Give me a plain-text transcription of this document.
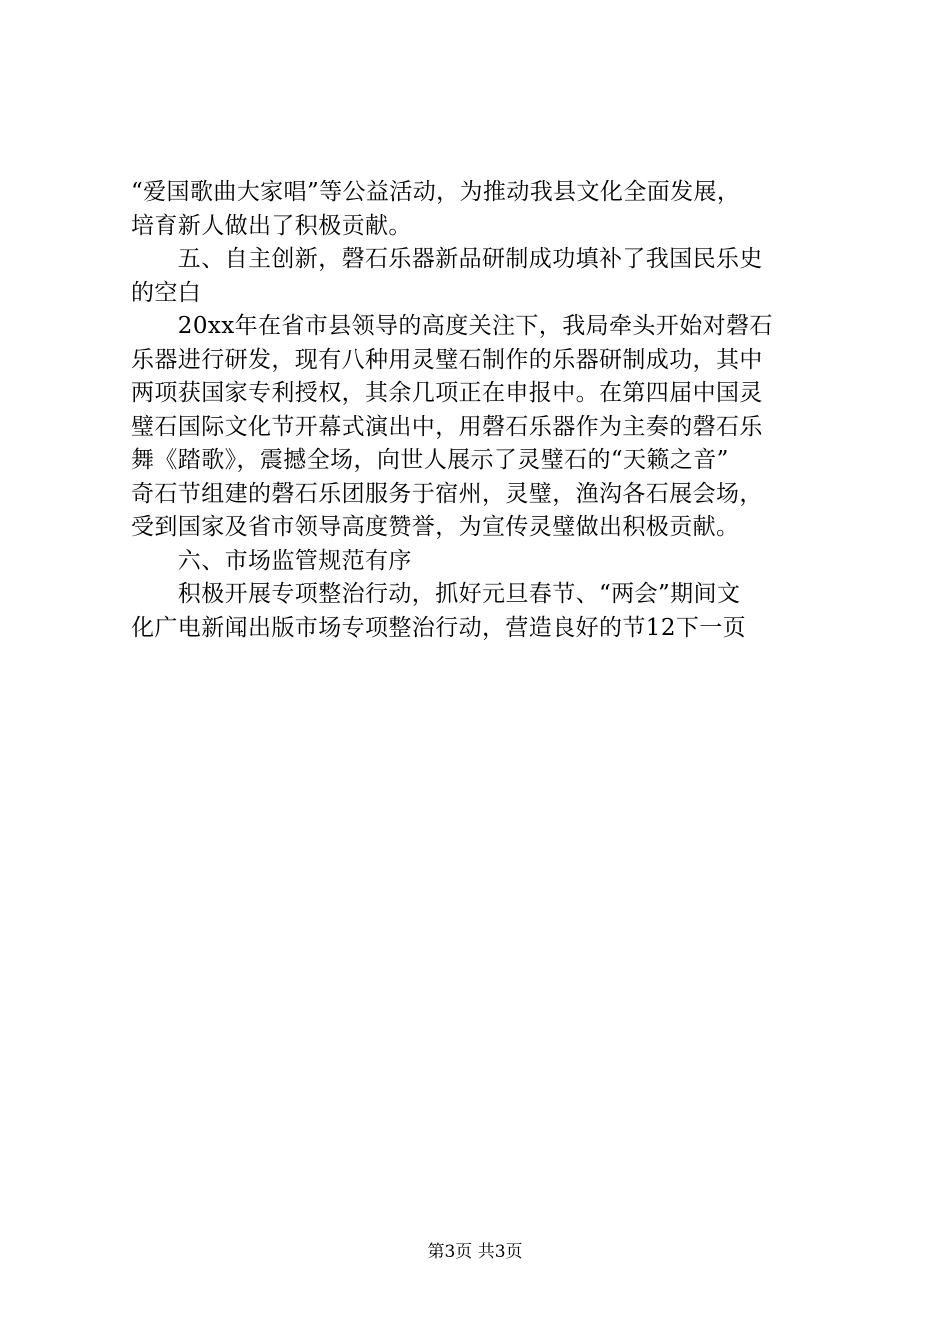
“爱国歌曲大家唱”等公益活动，为推动我县文化全面发展，
培育新人做出了积极贡献。
　　五、自主创新，磬石乐器新品研制成功填补了我国民乐史
的空白
　　20xx年在省市县领导的高度关注下，我局牵头开始对磬石
乐器进行研发，现有八种用灵璧石制作的乐器研制成功，其中
两项获国家专利授权，其余几项正在申报中。在第四届中国灵
璧石国际文化节开幕式演出中，用磬石乐器作为主奏的磬石乐
舞《踏歌》，震撼全场，向世人展示了灵璧石的“天籁之音”
奇石节组建的磬石乐团服务于宿州，灵璧，渔沟各石展会场，
受到国家及省市领导高度赞誉，为宣传灵璧做出积极贡献。
　　六、市场监管规范有序
　　积极开展专项整治行动，抓好元旦春节、“两会”期间文
化广电新闻出版市场专项整治行动，营造良好的节12下一页
第3页 共3页
